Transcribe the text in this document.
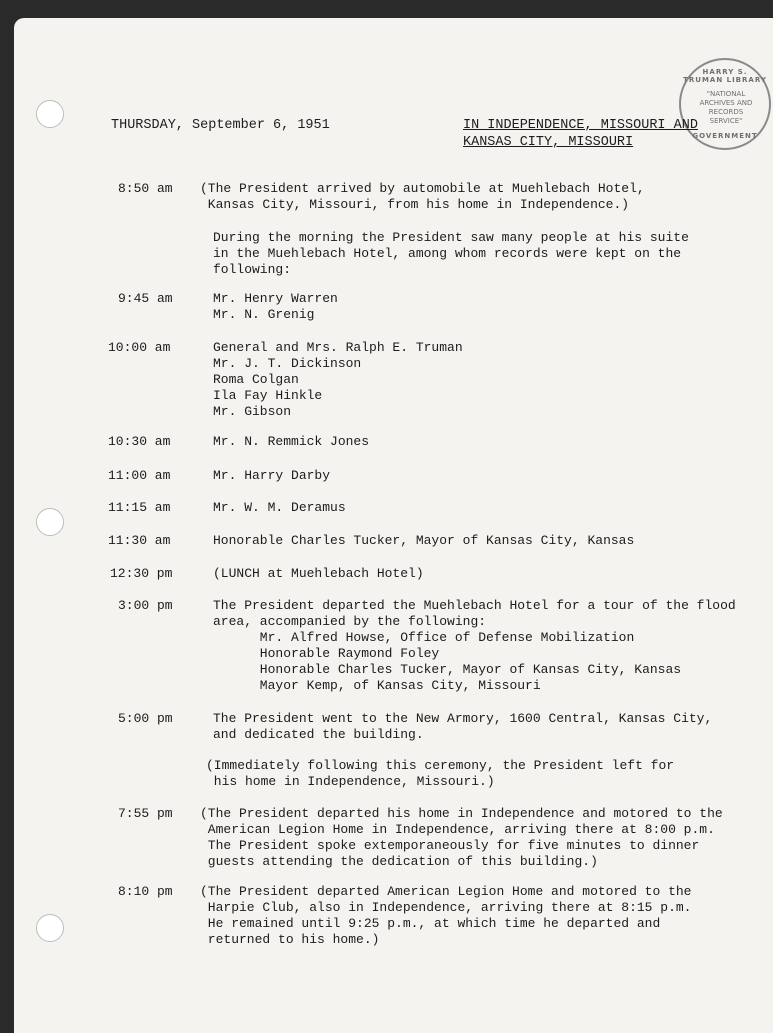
HARRY S. TRUMAN LIBRARY
"NATIONAL ARCHIVES AND RECORDS SERVICE"
GOVERNMENT
THURSDAY, September 6, 1951	IN INDEPENDENCE, MISSOURI AND
KANSAS CITY, MISSOURI
8:50 am (The President arrived by automobile at Muehlebach Hotel,
Kansas City, Missouri, from his home in Independence.)
During the morning the President saw many people at his suite
in the Muehlebach Hotel, among whom records were kept on the
following:
9:45 am	Mr. Henry Warren
Mr. N. Grenig
10:00 am	General and Mrs. Ralph E. Truman
Mr. J. T. Dickinson
Roma Colgan
Ila Fay Hinkle
Mr. Gibson
10:30 am	Mr. N. Remmick Jones
11:00 am	Mr. Harry Darby
11:15 am	Mr. W. M. Deramus
11:30 am	Honorable Charles Tucker, Mayor of Kansas City, Kansas
12:30 pm	(LUNCH at Muehlebach Hotel)
3:00 pm	The President departed the Muehlebach Hotel for a tour of the flood
area, accompanied by the following:
Mr. Alfred Howse, Office of Defense Mobilization
Honorable Raymond Foley
Honorable Charles Tucker, Mayor of Kansas City, Kansas
Mayor Kemp, of Kansas City, Missouri
5:00 pm	The President went to the New Armory, 1600 Central, Kansas City,
and dedicated the building.
(Immediately following this ceremony, the President left for
his home in Independence, Missouri.)
7:55 pm (The President departed his home in Independence and motored to the
American Legion Home in Independence, arriving there at 8:00 p.m.
The President spoke extemporaneously for five minutes to dinner
guests attending the dedication of this building.)
8:10 pm (The President departed American Legion Home and motored to the
Harpie Club, also in Independence, arriving there at 8:15 p.m.
He remained until 9:25 p.m., at which time he departed and
returned to his home.)
